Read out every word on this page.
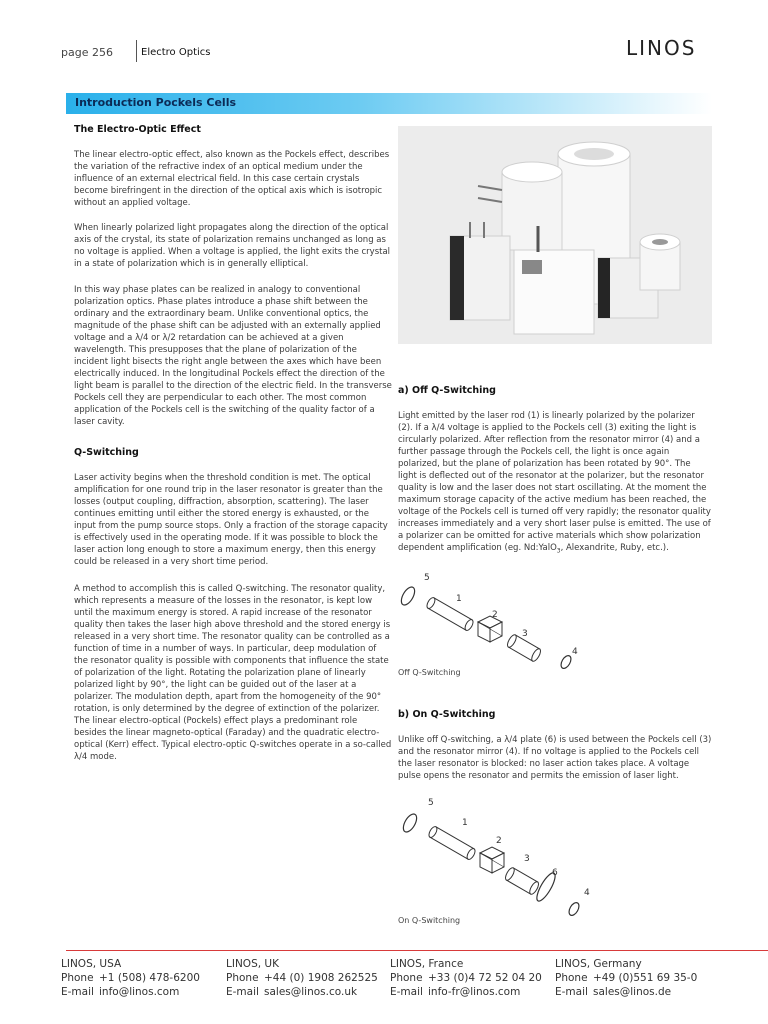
page 256	Electro Optics	LINOS
Introduction Pockels Cells
The Electro-Optic Effect

The linear electro-optic effect, also known as the Pockels effect, describes the variation of the refractive index of an optical medium under the influence of an external electrical field. In this case certain crystals become birefringent in the direction of the optical axis which is isotropic without an applied voltage.

When linearly polarized light propagates along the direction of the optical axis of the crystal, its state of polarization remains unchanged as long as no voltage is applied. When a voltage is applied, the light exits the crystal in a state of polarization which is in generally elliptical.

In this way phase plates can be realized in analogy to conventional polarization optics. Phase plates introduce a phase shift between the ordinary and the extraordinary beam. Unlike conventional optics, the magnitude of the phase shift can be adjusted with an externally applied voltage and a λ/4 or λ/2 retardation can be achieved at a given wavelength. This presupposes that the plane of polarization of the incident light bisects the right angle between the axes which have been electrically induced. In the longitudinal Pockels effect the direction of the light beam is parallel to the direction of the electric field. In the transverse Pockels cell they are perpendicular to each other. The most common application of the Pockels cell is the switching of the quality factor of a laser cavity.

Q-Switching

Laser activity begins when the threshold condition is met. The optical amplification for one round trip in the laser resonator is greater than the losses (output coupling, diffraction, absorption, scattering). The laser continues emitting until either the stored energy is exhausted, or the input from the pump source stops. Only a fraction of the storage capacity is effectively used in the operating mode. If it was possible to block the laser action long enough to store a maximum energy, then this energy could be released in a very short time period.

A method to accomplish this is called Q-switching. The resonator quality, which represents a measure of the losses in the resonator, is kept low until the maximum energy is stored. A rapid increase of the resonator quality then takes the laser high above threshold and the stored energy is released in a very short time. The resonator quality can be controlled as a function of time in a number of ways. In particular, deep modulation of the resonator quality is possible with components that influence the state of polarization of the light. Rotating the polarization plane of linearly polarized light by 90°, the light can be guided out of the laser at a polarizer. The modulation depth, apart from the homogeneity of the 90° rotation, is only determined by the degree of extinction of the polarizer. The linear electro-optical (Pockels) effect plays a predominant role besides the linear magneto-optical (Faraday) and the quadratic electro-optical (Kerr) effect. Typical electro-optic Q-switches operate in a so-called
λ/4 mode.

a) Off Q-Switching

Light emitted by the laser rod (1) is linearly polarized by the polarizer (2). If a λ/4 voltage is applied to the Pockels cell (3) exiting the light is circularly polarized. After reflection from the resonator mirror (4) and a further passage through the Pockels cell, the light is once again polarized, but the plane of polarization has been rotated by 90°. The light is deflected out of the resonator at the polarizer, but the resonator quality is low and the laser does not start oscillating. At the moment the maximum storage capacity of the active medium has been reached, the voltage of the Pockels cell is turned off very rapidly; the resonator quality increases immediately and a very short laser pulse is emitted. The use of a polarizer can be omitted for active materials which show polarization dependent amplification (eg. Nd:YalO$_3$, Alexandrite, Ruby, etc.).

5
1
2
3
4
Off Q-Switching
b) On Q-Switching

Unlike off Q-switching, a λ/4 plate (6) is used between the Pockels cell (3) and the resonator mirror (4). If no voltage is applied to the Pockels cell the laser resonator is blocked: no laser action takes place. A voltage pulse opens the resonator and permits the emission of laser light.

5
1
2
3
6
4
On Q-Switching
LINOS, USA
Phone +1 (508) 478-6200
E-mail info@linos.com
LINOS, UK
Phone +44 (0) 1908 262525
E-mail sales@linos.co.uk
LINOS, France
Phone +33 (0)4 72 52 04 20
E-mail info-fr@linos.com
LINOS, Germany
Phone +49 (0)551 69 35-0
E-mail sales@linos.de
